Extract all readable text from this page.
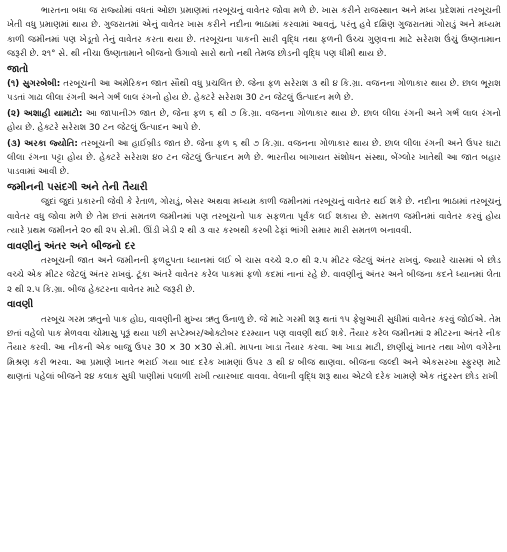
ભારતના બધા જ રાજ્યોમાં વધતાં ઓછા પ્રમાણમાં તરબૂચનું વાવેતર જોવા મળે છે. ખાસ કરીને રાજસ્થાન અને મધ્ય પ્રદેશમાં તરબૂચની ખેતી વધુ પ્રમાણમાં થાય છે. ગુજરાતમાં એનું વાવેતર ખાસ કરીને નદીના ભાઠામાં કરવામાં આવતું, પરંતુ હવે દક્ષિણ ગુજરાતમાં ગોરાડું અને મધ્યમ કાળી જમીનમાં પણ ખેડૂતો તેનું વાવેતર કરતા થયા છે. તરબૂચના પાકની સારી વૃદ્ધિ તથા ફળની ઉચ્ચ ગુણવત્તા માટે સરેરાશ ઉંચું ઉષ્ણતામાન જરૂરી છે. ૨૧° સે. થી નીચા ઉષ્ણતામાને બીજનો ઉગાવો સારો થતો નથી તેમજ છોડની વૃદ્ધિ પણ ધીમી થાય છે.

જાતો

(૧) સુગરબેબી: તરબૂચની આ અમેરિકન જાત સૌથી વધુ પ્રચલિત છે. જેના ફળ સરેરાશ ૩ થી ૪ કિ.ગ્રા. વજનના ગોળાકાર થાય છે. છાલ ભૂરાશ પડતાં ગાઢા લીલા રંગની અને ગર્ભ લાલ રંગનો હોય છે. હેક્ટરે સરેરાશ 30 ટન જેટલું ઉત્પાદન મળે છે.

(૨) અશાહી યામાટો: આ જાપાનીઝ જાત છે, જેના ફળ ૬ થી ૭ કિ.ગ્રા. વજનના ગોળાકાર થાય છે. છાલ લીલા રંગની અને ગર્ભ લાલ રંગનો હોય છે. હેક્ટરે સરેરાશ 30 ટન જેટલું ઉત્પાદન આપે છે.

(૩) અરકા જ્યોતિ: તરબૂચની આ હાઈબ્રીડ જાત છે. જેના ફળ ૬ થી ૭ કિ.ગ્રા. વજનના ગોળાકાર થાય છે. છાલ લીલા રંગની અને ઉપર ઘાટા લીલા રંગના પટ્ટા હોય છે. હેક્ટરે સરેરાશ ૪૦ ટન જેટલું ઉત્પાદન મળે છે. ભારતીય બાગાયત સંશોધન સંસ્થા, બેંગ્લોર ખાતેથી આ જાત બહાર પાડવામાં આવી છે.

જમીનની પસંદગી અને તેની તૈયારી

જુદાં જુદાં પ્રકારની જેવી કે રેતાળ, ગોરાડું, બેસર અથવા મધ્યમ કાળી જમીનમાં તરબૂચનું વાવેતર થઈ શકે છે. નદીના ભાઠામાં તરબૂચનું વાવેતર વધુ જોવા મળે છે તેમ છતાં સમતળ જમીનમાં પણ તરબૂચનો પાક સફળતા પૂર્વક લઈ શકાય છે. સમતળ જમીનમાં વાવેતર કરવું હોય ત્યારે પ્રથમ જમીનને ૨૦ થી ૨૫ સે.મી. ઊંડી ખેડી ૨ થી ૩ વાર કરબથી કરબી ઢેફાં ભાંગી સમાર મારી સમતળ બનાવવી.

વાવણીનું અંતર અને બીજનો દર

તરબૂચની જાત અને જમીનની ફળદ્રુપતા ધ્યાનમાં લઈ બે ચાસ વચ્ચે ૨.૦ થી ૨.૫ મીટર જેટલું અંતર રાખવું. જ્યારે ચાસમાં બે છોડ વચ્ચે એક મીટર જેટલું અંતર રાખવું. ટૂંકા અંતરે વાવેતર કરેલ પાકમાં ફળો કદમાં નાનાં રહે છે. વાવણીનું અંતર અને બીજના કદને ધ્યાનમાં લેતા ૨ થી ૨.૫ કિ.ગ્રા. બીજ હેક્ટરના વાવેતર માટે જરૂરી છે.

વાવણી

તરબૂચ ગરમ ઋતુનો પાક હોઇ, વાવણીની મુખ્ય ઋતુ ઉનાળુ છે. જે માટે ગરમી શરૂ થતાં ૧૫ ફેબ્રુઆરી સુધીમાં વાવેતર કરવું જોઈએ. તેમ છતાં વહેલો પાક મેળવવા ચોમાસુ પૂરૂં થયા પછી સપ્ટેમ્બર/ઓક્ટોબર દરમ્યાન પણ વાવણી થઈ શકે. તૈયાર કરેલ જમીનમાં ૨ મીટરના અંતરે નીક તૈયાર કરવી. આ નીકની એક બાજુ ઉપર 30 × 30 ×30 સે.મી. માપના ખાડા તૈયાર કરવા. આ ખાડા માટી, છાણીયું ખાતર તથા ખોળ વગેરેના મિશ્રણ કરી ભરવા. આ પ્રમાણે ખાતર ભરાઈ ગયા બાદ દરેક ખામણાં ઉપર ૩ થી ૪ બીજ થાણવા. બીજના જલ્દી અને એકસરખા સ્ફુરણ માટે થાણતાં પહેલાં બીજને ૨૪ કલાક સુધી પાણીમાં પલાળી રાખી ત્યારબાદ વાવવા. વેલાની વૃદ્ધિ શરૂ થાય એટલે દરેક ખામણે એક તંદુરસ્ત છોડ રાખી
